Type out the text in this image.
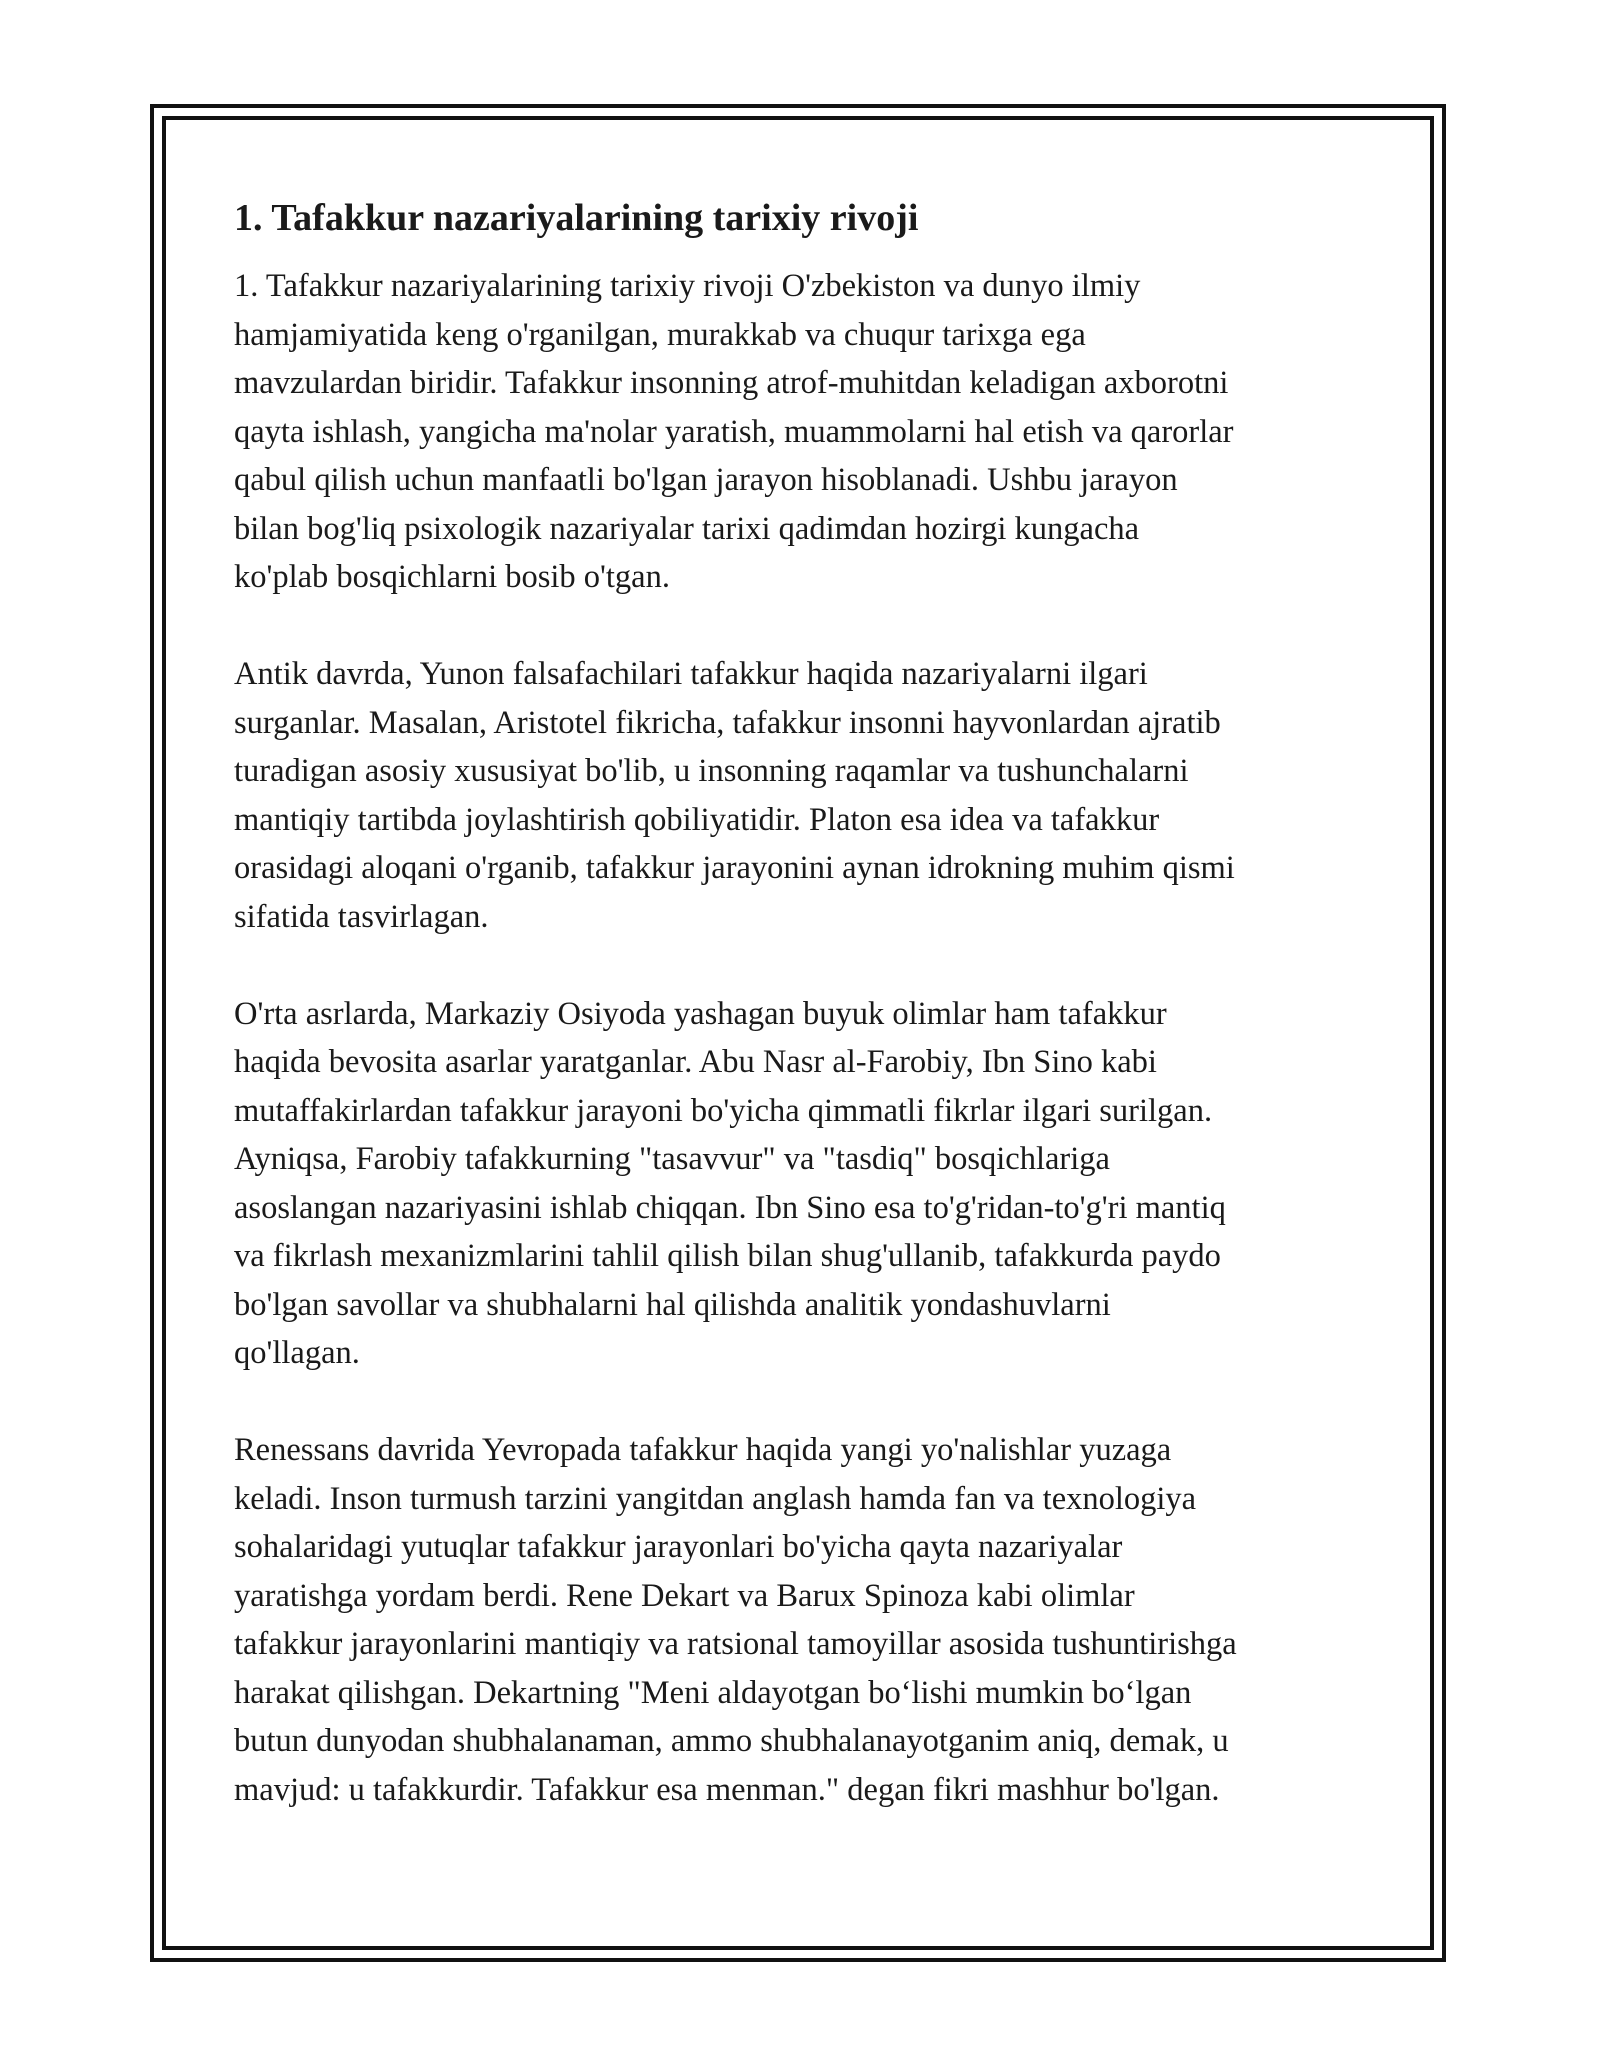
1. Tafakkur nazariyalarining tarixiy rivoji
1. Tafakkur nazariyalarining tarixiy rivoji O'zbekiston va dunyo ilmiy
hamjamiyatida keng o'rganilgan, murakkab va chuqur tarixga ega
mavzulardan biridir. Tafakkur insonning atrof-muhitdan keladigan axborotni
qayta ishlash, yangicha ma'nolar yaratish, muammolarni hal etish va qarorlar
qabul qilish uchun manfaatli bo'lgan jarayon hisoblanadi. Ushbu jarayon
bilan bog'liq psixologik nazariyalar tarixi qadimdan hozirgi kungacha
ko'plab bosqichlarni bosib o'tgan.
Antik davrda, Yunon falsafachilari tafakkur haqida nazariyalarni ilgari
surganlar. Masalan, Aristotel fikricha, tafakkur insonni hayvonlardan ajratib
turadigan asosiy xususiyat bo'lib, u insonning raqamlar va tushunchalarni
mantiqiy tartibda joylashtirish qobiliyatidir. Platon esa idea va tafakkur
orasidagi aloqani o'rganib, tafakkur jarayonini aynan idrokning muhim qismi
sifatida tasvirlagan.
O'rta asrlarda, Markaziy Osiyoda yashagan buyuk olimlar ham tafakkur
haqida bevosita asarlar yaratganlar. Abu Nasr al-Farobiy, Ibn Sino kabi
mutaffakirlardan tafakkur jarayoni bo'yicha qimmatli fikrlar ilgari surilgan.
Ayniqsa, Farobiy tafakkurning "tasavvur" va "tasdiq" bosqichlariga
asoslangan nazariyasini ishlab chiqqan. Ibn Sino esa to'g'ridan-to'g'ri mantiq
va fikrlash mexanizmlarini tahlil qilish bilan shug'ullanib, tafakkurda paydo
bo'lgan savollar va shubhalarni hal qilishda analitik yondashuvlarni
qo'llagan.
Renessans davrida Yevropada tafakkur haqida yangi yo'nalishlar yuzaga
keladi. Inson turmush tarzini yangitdan anglash hamda fan va texnologiya
sohalaridagi yutuqlar tafakkur jarayonlari bo'yicha qayta nazariyalar
yaratishga yordam berdi. Rene Dekart va Barux Spinoza kabi olimlar
tafakkur jarayonlarini mantiqiy va ratsional tamoyillar asosida tushuntirishga
harakat qilishgan. Dekartning "Meni aldayotgan bo‘lishi mumkin bo‘lgan
butun dunyodan shubhalanaman, ammo shubhalanayotganim aniq, demak, u
mavjud: u tafakkurdir. Tafakkur esa menman." degan fikri mashhur bo'lgan.
